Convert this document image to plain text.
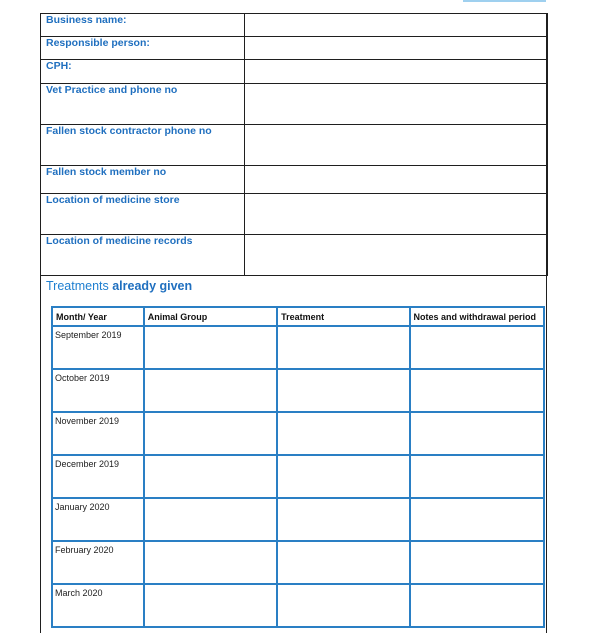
Business name:	
Responsible person:	
CPH:	
Vet Practice and phone no	
Fallen stock contractor phone no	
Fallen stock member no	
Location of medicine store	
Location of medicine records	
Treatments already given
Month/ Year	Animal Group	Treatment	Notes and withdrawal period
September 2019			
October 2019			
November 2019			
December 2019			
January 2020			
February 2020			
March 2020			
